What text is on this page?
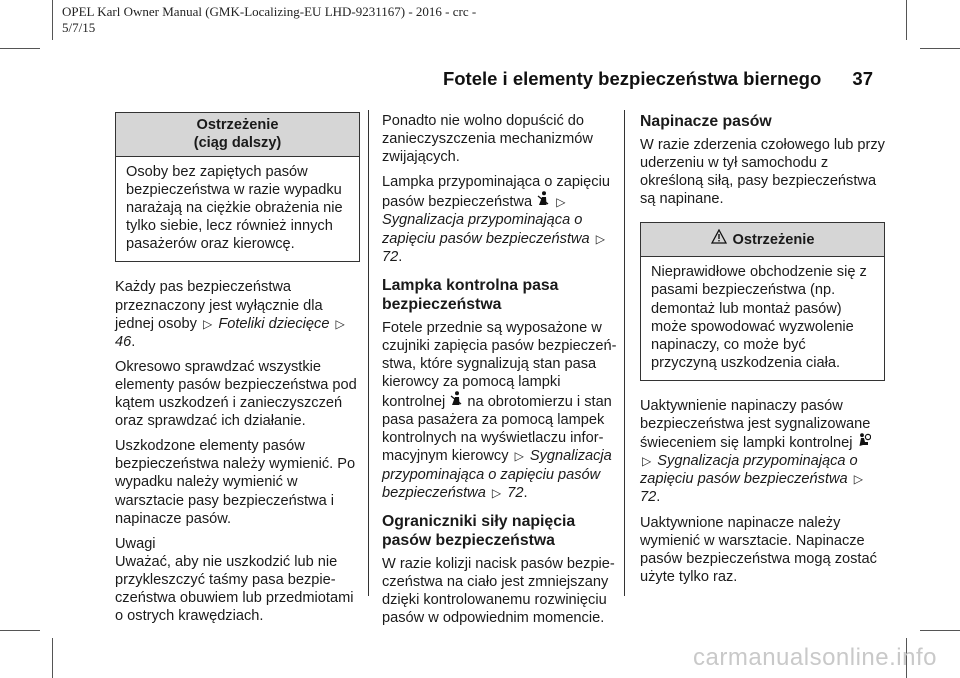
OPEL Karl Owner Manual (GMK-Localizing-EU LHD-9231167) - 2016 - crc -
5/7/15
Fotele i elementy bezpieczeństwa biernego 37
Ostrzeżenie
(ciąg dalszy)
Osoby bez zapiętych pasów bezpieczeństwa w razie wypadku narażają na ciężkie obrażenia nie tylko siebie, lecz również innych pasażerów oraz kierowcę.

Każdy pas bezpieczeństwa przeznaczony jest wyłącznie dla jednej osoby ▷ Foteliki dziecięce ▷ 46.

Okresowo sprawdzać wszystkie elementy pasów bezpieczeństwa pod kątem uszkodzeń i zanieczyszczeń oraz sprawdzać ich działanie.

Uszkodzone elementy pasów bezpieczeństwa należy wymienić. Po wypadku należy wymienić w warsztacie pasy bezpieczeństwa i napinacze pasów.

Uwagi
Uważać, aby nie uszkodzić lub nie przykleszczyć taśmy pasa bezpieczeństwa obuwiem lub przedmiotami o ostrych krawędziach.

Ponadto nie wolno dopuścić do zanieczyszczenia mechanizmów zwijających.

Lampka przypominająca o zapięciu pasów bezpieczeństwa ▷ Sygnalizacja przypominająca o zapięciu pasów bezpieczeństwa ▷ 72.

Lampka kontrolna pasa bezpieczeństwa

Fotele przednie są wyposażone w czujniki zapięcia pasów bezpieczeństwa, które sygnalizują stan pasa kierowcy za pomocą lampki kontrolnej na obrotomierzu i stan pasa pasażera za pomocą lampek kontrolnych na wyświetlaczu informacyjnym kierowcy ▷ Sygnalizacja przypominająca o zapięciu pasów bezpieczeństwa ▷ 72.

Ograniczniki siły napięcia pasów bezpieczeństwa

W razie kolizji nacisk pasów bezpieczeństwa na ciało jest zmniejszany dzięki kontrolowanemu rozwinięciu pasów w odpowiednim momencie.

Napinacze pasów

W razie zderzenia czołowego lub przy uderzeniu w tył samochodu z określoną siłą, pasy bezpieczeństwa są napinane.

Ostrzeżenie
Nieprawidłowe obchodzenie się z pasami bezpieczeństwa (np. demontaż lub montaż pasów) może spowodować wyzwolenie napinaczy, co może być przyczyną uszkodzenia ciała.

Uaktywnienie napinaczy pasów bezpieczeństwa jest sygnalizowane świeceniem się lampki kontrolnej  ▷ Sygnalizacja przypominająca o zapięciu pasów bezpieczeństwa ▷ 72.

Uaktywnione napinacze należy wymienić w warsztacie. Napinacze pasów bezpieczeństwa mogą zostać użyte tylko raz.

carmanualsonline.info
